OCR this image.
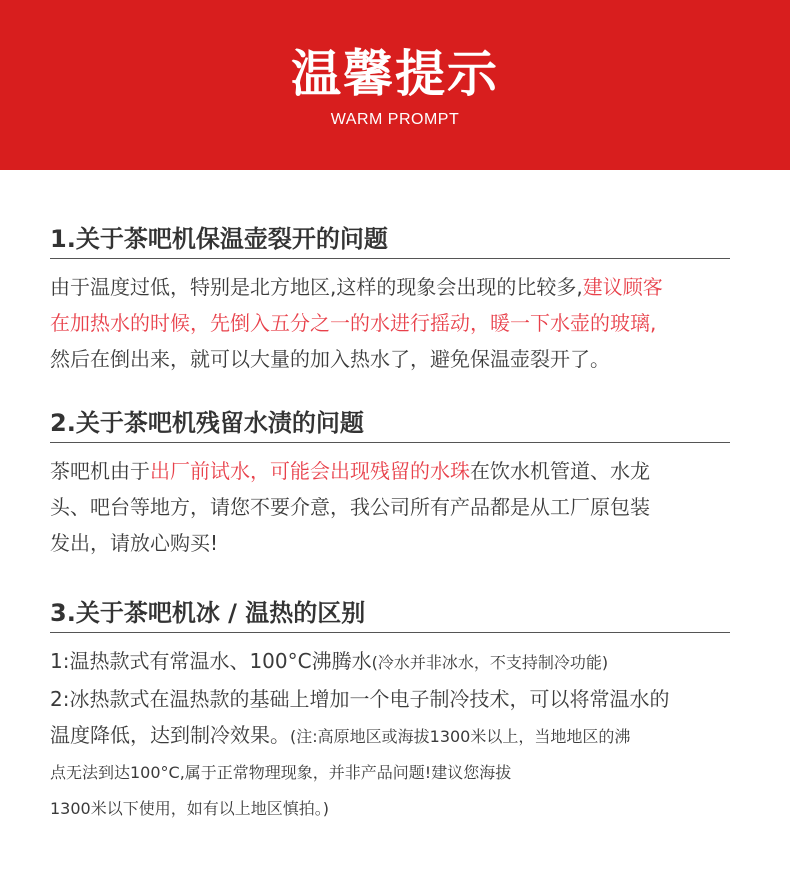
温馨提示
WARM PROMPT
1.关于茶吧机保温壶裂开的问题
由于温度过低，特别是北方地区,这样的现象会出现的比较多,建议顾客
在加热水的时候，先倒入五分之一的水进行摇动，暖一下水壶的玻璃,
然后在倒出来，就可以大量的加入热水了，避免保温壶裂开了。
2.关于茶吧机残留水渍的问题
茶吧机由于出厂前试水，可能会出现残留的水珠在饮水机管道、水龙
头、吧台等地方，请您不要介意，我公司所有产品都是从工厂原包装
发出，请放心购买!
3.关于茶吧机冰 / 温热的区别
1:温热款式有常温水、100°C沸腾水(冷水并非冰水，不支持制冷功能)
2:冰热款式在温热款的基础上增加一个电子制冷技术，可以将常温水的
温度降低，达到制冷效果。(注:高原地区或海拔1300米以上，当地地区的沸
点无法到达100°C,属于正常物理现象，并非产品问题!建议您海拔
1300米以下使用，如有以上地区慎拍。)
